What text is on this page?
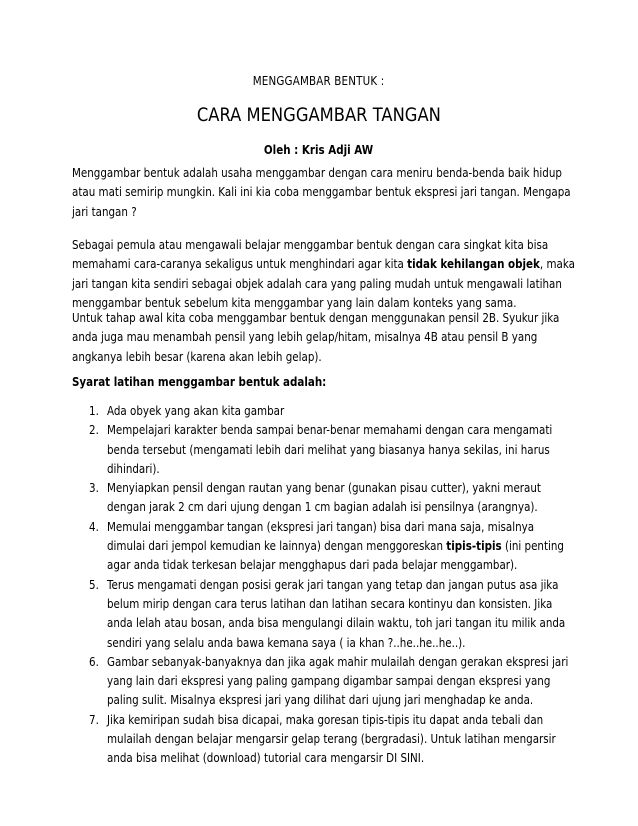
MENGGAMBAR BENTUK :
CARA MENGGAMBAR TANGAN
Oleh : Kris Adji AW
Menggambar bentuk adalah usaha menggambar dengan cara meniru benda-benda baik hidup
atau mati semirip mungkin. Kali ini kia coba menggambar bentuk ekspresi jari tangan. Mengapa
jari tangan ?
Sebagai pemula atau mengawali belajar menggambar bentuk dengan cara singkat kita bisa
memahami cara-caranya sekaligus untuk menghindari agar kita tidak kehilangan objek, maka
jari tangan kita sendiri sebagai objek adalah cara yang paling mudah untuk mengawali latihan
menggambar bentuk sebelum kita menggambar yang lain dalam konteks yang sama.
Untuk tahap awal kita coba menggambar bentuk dengan menggunakan pensil 2B. Syukur jika
anda juga mau menambah pensil yang lebih gelap/hitam, misalnya 4B atau pensil B yang
angkanya lebih besar (karena akan lebih gelap).
Syarat latihan menggambar bentuk adalah:
1. Ada obyek yang akan kita gambar
2. Mempelajari karakter benda sampai benar-benar memahami dengan cara mengamati
benda tersebut (mengamati lebih dari melihat yang biasanya hanya sekilas, ini harus
dihindari).
3. Menyiapkan pensil dengan rautan yang benar (gunakan pisau cutter), yakni meraut
dengan jarak 2 cm dari ujung dengan 1 cm bagian adalah isi pensilnya (arangnya).
4. Memulai menggambar tangan (ekspresi jari tangan) bisa dari mana saja, misalnya
dimulai dari jempol kemudian ke lainnya) dengan menggoreskan tipis-tipis (ini penting
agar anda tidak terkesan belajar mengghapus dari pada belajar menggambar).
5. Terus mengamati dengan posisi gerak jari tangan yang tetap dan jangan putus asa jika
belum mirip dengan cara terus latihan dan latihan secara kontinyu dan konsisten. Jika
anda lelah atau bosan, anda bisa mengulangi dilain waktu, toh jari tangan itu milik anda
sendiri yang selalu anda bawa kemana saya ( ia khan ?..he..he..he..).
6. Gambar sebanyak-banyaknya dan jika agak mahir mulailah dengan gerakan ekspresi jari
yang lain dari ekspresi yang paling gampang digambar sampai dengan ekspresi yang
paling sulit. Misalnya ekspresi jari yang dilihat dari ujung jari menghadap ke anda.
7. Jika kemiripan sudah bisa dicapai, maka goresan tipis-tipis itu dapat anda tebali dan
mulailah dengan belajar mengarsir gelap terang (bergradasi). Untuk latihan mengarsir
anda bisa melihat (download) tutorial cara mengarsir DI SINI.
